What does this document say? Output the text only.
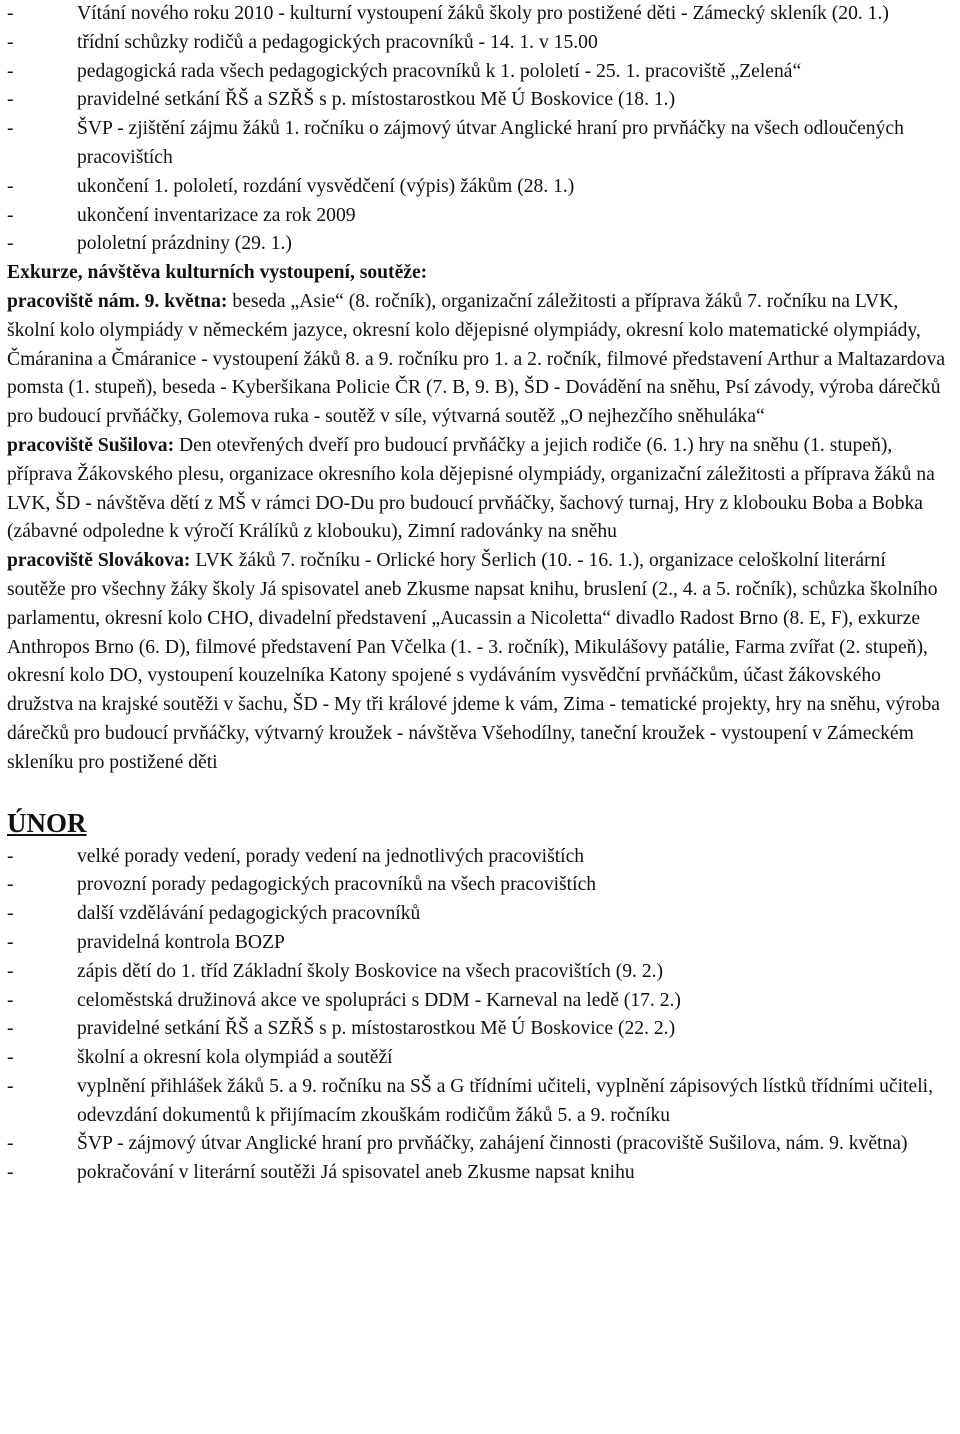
- Vítání nového roku 2010 - kulturní vystoupení žáků školy pro postižené děti - Zámecký skleník (20. 1.)
- třídní schůzky rodičů a pedagogických pracovníků - 14. 1. v 15.00
- pedagogická rada všech pedagogických pracovníků k 1. pololetí - 25. 1. pracoviště „Zelená“
- pravidelné setkání ŘŠ a SZŘŠ s p. místostarostkou Mě Ú Boskovice (18. 1.)
- ŠVP - zjištění zájmu žáků 1. ročníku o zájmový útvar Anglické hraní pro prvňáčky na všech odloučených pracovištích
- ukončení 1. pololetí, rozdání vysvědčení (výpis) žákům (28. 1.)
- ukončení inventarizace za rok 2009
- pololetní prázdniny (29. 1.)

Exkurze, návštěva kulturních vystoupení, soutěže:

pracoviště nám. 9. května: beseda „Asie“ (8. ročník), organizační záležitosti a příprava žáků 7. ročníku na LVK, školní kolo olympiády v německém jazyce, okresní kolo dějepisné olympiády, okresní kolo matematické olympiády, Čmáranina a Čmáranice - vystoupení žáků 8. a 9. ročníku pro 1. a 2. ročník, filmové představení Arthur a Maltazardova pomsta (1. stupeň), beseda - Kyberšikana Policie ČR (7. B, 9. B), ŠD - Dovádění na sněhu, Psí závody, výroba dárečků pro budoucí prvňáčky, Golemova ruka - soutěž v síle, výtvarná soutěž „O nejhezčího sněhuláka“

pracoviště Sušilova: Den otevřených dveří pro budoucí prvňáčky a jejich rodiče (6. 1.) hry na sněhu (1. stupeň), příprava Žákovského plesu, organizace okresního kola dějepisné olympiády, organizační záležitosti a příprava žáků na LVK, ŠD - návštěva dětí z MŠ v rámci DO-Du pro budoucí prvňáčky, šachový turnaj, Hry z klobouku Boba a Bobka (zábavné odpoledne k výročí Králíků z klobouku), Zimní radovánky na sněhu

pracoviště Slovákova: LVK žáků 7. ročníku - Orlické hory Šerlich (10. - 16. 1.), organizace celoškolní literární soutěže pro všechny žáky školy Já spisovatel aneb Zkusme napsat knihu, bruslení (2., 4. a 5. ročník), schůzka školního parlamentu, okresní kolo CHO, divadelní představení „Aucassin a Nicoletta“ divadlo Radost Brno (8. E, F), exkurze Anthropos Brno (6. D), filmové představení Pan Včelka (1. - 3. ročník), Mikulášovy patálie, Farma zvířat (2. stupeň), okresní kolo DO, vystoupení kouzelníka Katony spojené s vydáváním vysvědční prvňáčkům, účast žákovského družstva na krajské soutěži v šachu, ŠD - My tři králové jdeme k vám, Zima - tematické projekty, hry na sněhu, výroba dárečků pro budoucí prvňáčky, výtvarný kroužek - návštěva Všehodílny, taneční kroužek - vystoupení v Zámeckém skleníku pro postižené děti

ÚNOR
- velké porady vedení, porady vedení na jednotlivých pracovištích
- provozní porady pedagogických pracovníků na všech pracovištích
- další vzdělávání pedagogických pracovníků
- pravidelná kontrola BOZP
- zápis dětí do 1. tříd Základní školy Boskovice na všech pracovištích (9. 2.)
- celoměstská družinová akce ve spolupráci s DDM - Karneval na ledě (17. 2.)
- pravidelné setkání ŘŠ a SZŘŠ s p. místostarostkou Mě Ú Boskovice (22. 2.)
- školní a okresní kola olympiád a soutěží
- vyplnění přihlášek žáků 5. a 9. ročníku na SŠ a G třídními učiteli, vyplnění zápisových lístků třídními učiteli, odevzdání dokumentů k přijímacím zkouškám rodičům žáků 5. a 9. ročníku
- ŠVP - zájmový útvar Anglické hraní pro prvňáčky, zahájení činnosti (pracoviště Sušilova, nám. 9. května)
- pokračování v literární soutěži Já spisovatel aneb Zkusme napsat knihu
